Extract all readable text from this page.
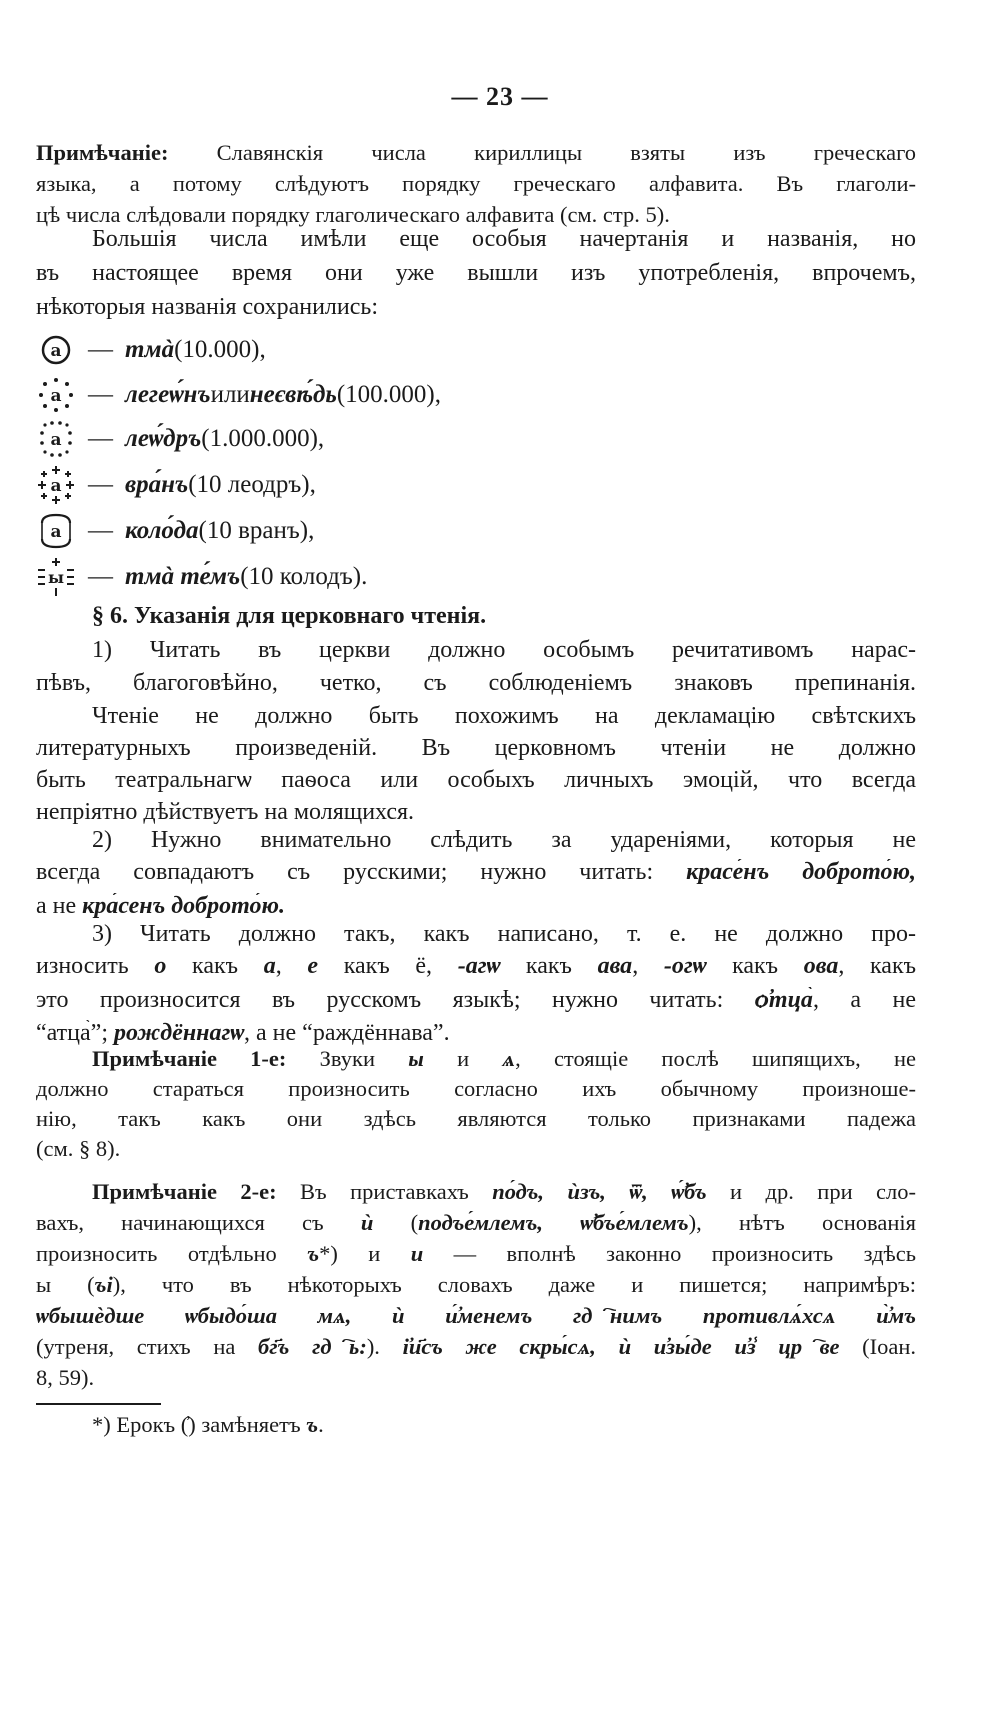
— 23 —
Примѣчаніе: Славянскія числа кириллицы взяты изъ греческаго
языка, а потому слѣдуютъ порядку греческаго алфавита. Въ глаголи-
цѣ числа слѣдовали порядку глаголическаго алфавита (см. стр. 5).
Большія числа имѣли еще особыя начертанія и названія, но
въ настоящее время они уже вышли изъ употребленія, впрочемъ,
нѣкоторыя названія сохранились:
а — тмà (10.000),
а — легеѡ́нъ или неєвѣ́дь (100.000),
а — леѡ́дръ (1.000.000),
а — вра́нъ (10 леодръ),
а — коло́да (10 вранъ),
ы — тмà те́мъ (10 колодъ).
§ 6. Указанія для церковнаго чтенія.
1) Читать въ церкви должно особымъ речитативомъ нарас-
пѣвъ, благоговѣйно, четко, съ соблюденіемъ знаковъ препинанія.
Чтеніе не должно быть похожимъ на декламацію свѣтскихъ
литературныхъ произведеній. Въ церковномъ чтеніи не должно
быть театральнагѡ паѳоса или особыхъ личныхъ эмоцій, что всегда
непріятно дѣйствуетъ на молящихся.
2) Нужно внимательно слѣдить за удареніями, которыя не
всегда совпадаютъ съ русскими; нужно читать: красе́нъ доброто́ю,
а не кра́сенъ доброто́ю.
3) Читать должно такъ, какъ написано, т. е. не должно про-
износить о какъ а, е какъ ё, -агѡ какъ ава, -огѡ какъ ова, какъ
это произносится въ русскомъ языкѣ; нужно читать: ѻ҆тца̀, а не
“атца̀”; рождённагѡ, а не “раждённава”.
Примѣчаніе 1-е: Звуки ы и ѧ, стоящіе послѣ шипящихъ, не
должно стараться произносить согласно ихъ обычному произноше-
нію, такъ какъ они здѣсь являются только признаками падежа
(см. § 8).
Примѣчаніе 2-е: Въ приставкахъ по́дъ, ѝзъ, ѿ, ѡ҆́бъ и др. при сло-
вахъ, начинающихся съ ѝ (подъе́млемъ, ѡ҆бъе́млемъ), нѣтъ основанія
произносить отдѣльно ъ*) и и — вполнѣ законно произносить здѣсь
ы (ъі), что въ нѣкоторыхъ словахъ даже и пишется; напримѣръ:
ѡбышѐдше ѡбыдо́ша мѧ, ѝ и҆́менемъ гдⷭ҇нимъ противлѧ́хсѧ и҆̀мъ
(утреня, стихъ на бг҃ъ гдⷭ҇ь:). і҆и҃съ же скры́сѧ, ѝ и҆зы́де и҆з̾ црⷦ҇ве (Іоан.
8, 59).
*) Ерокъ () замѣняетъ ъ.
